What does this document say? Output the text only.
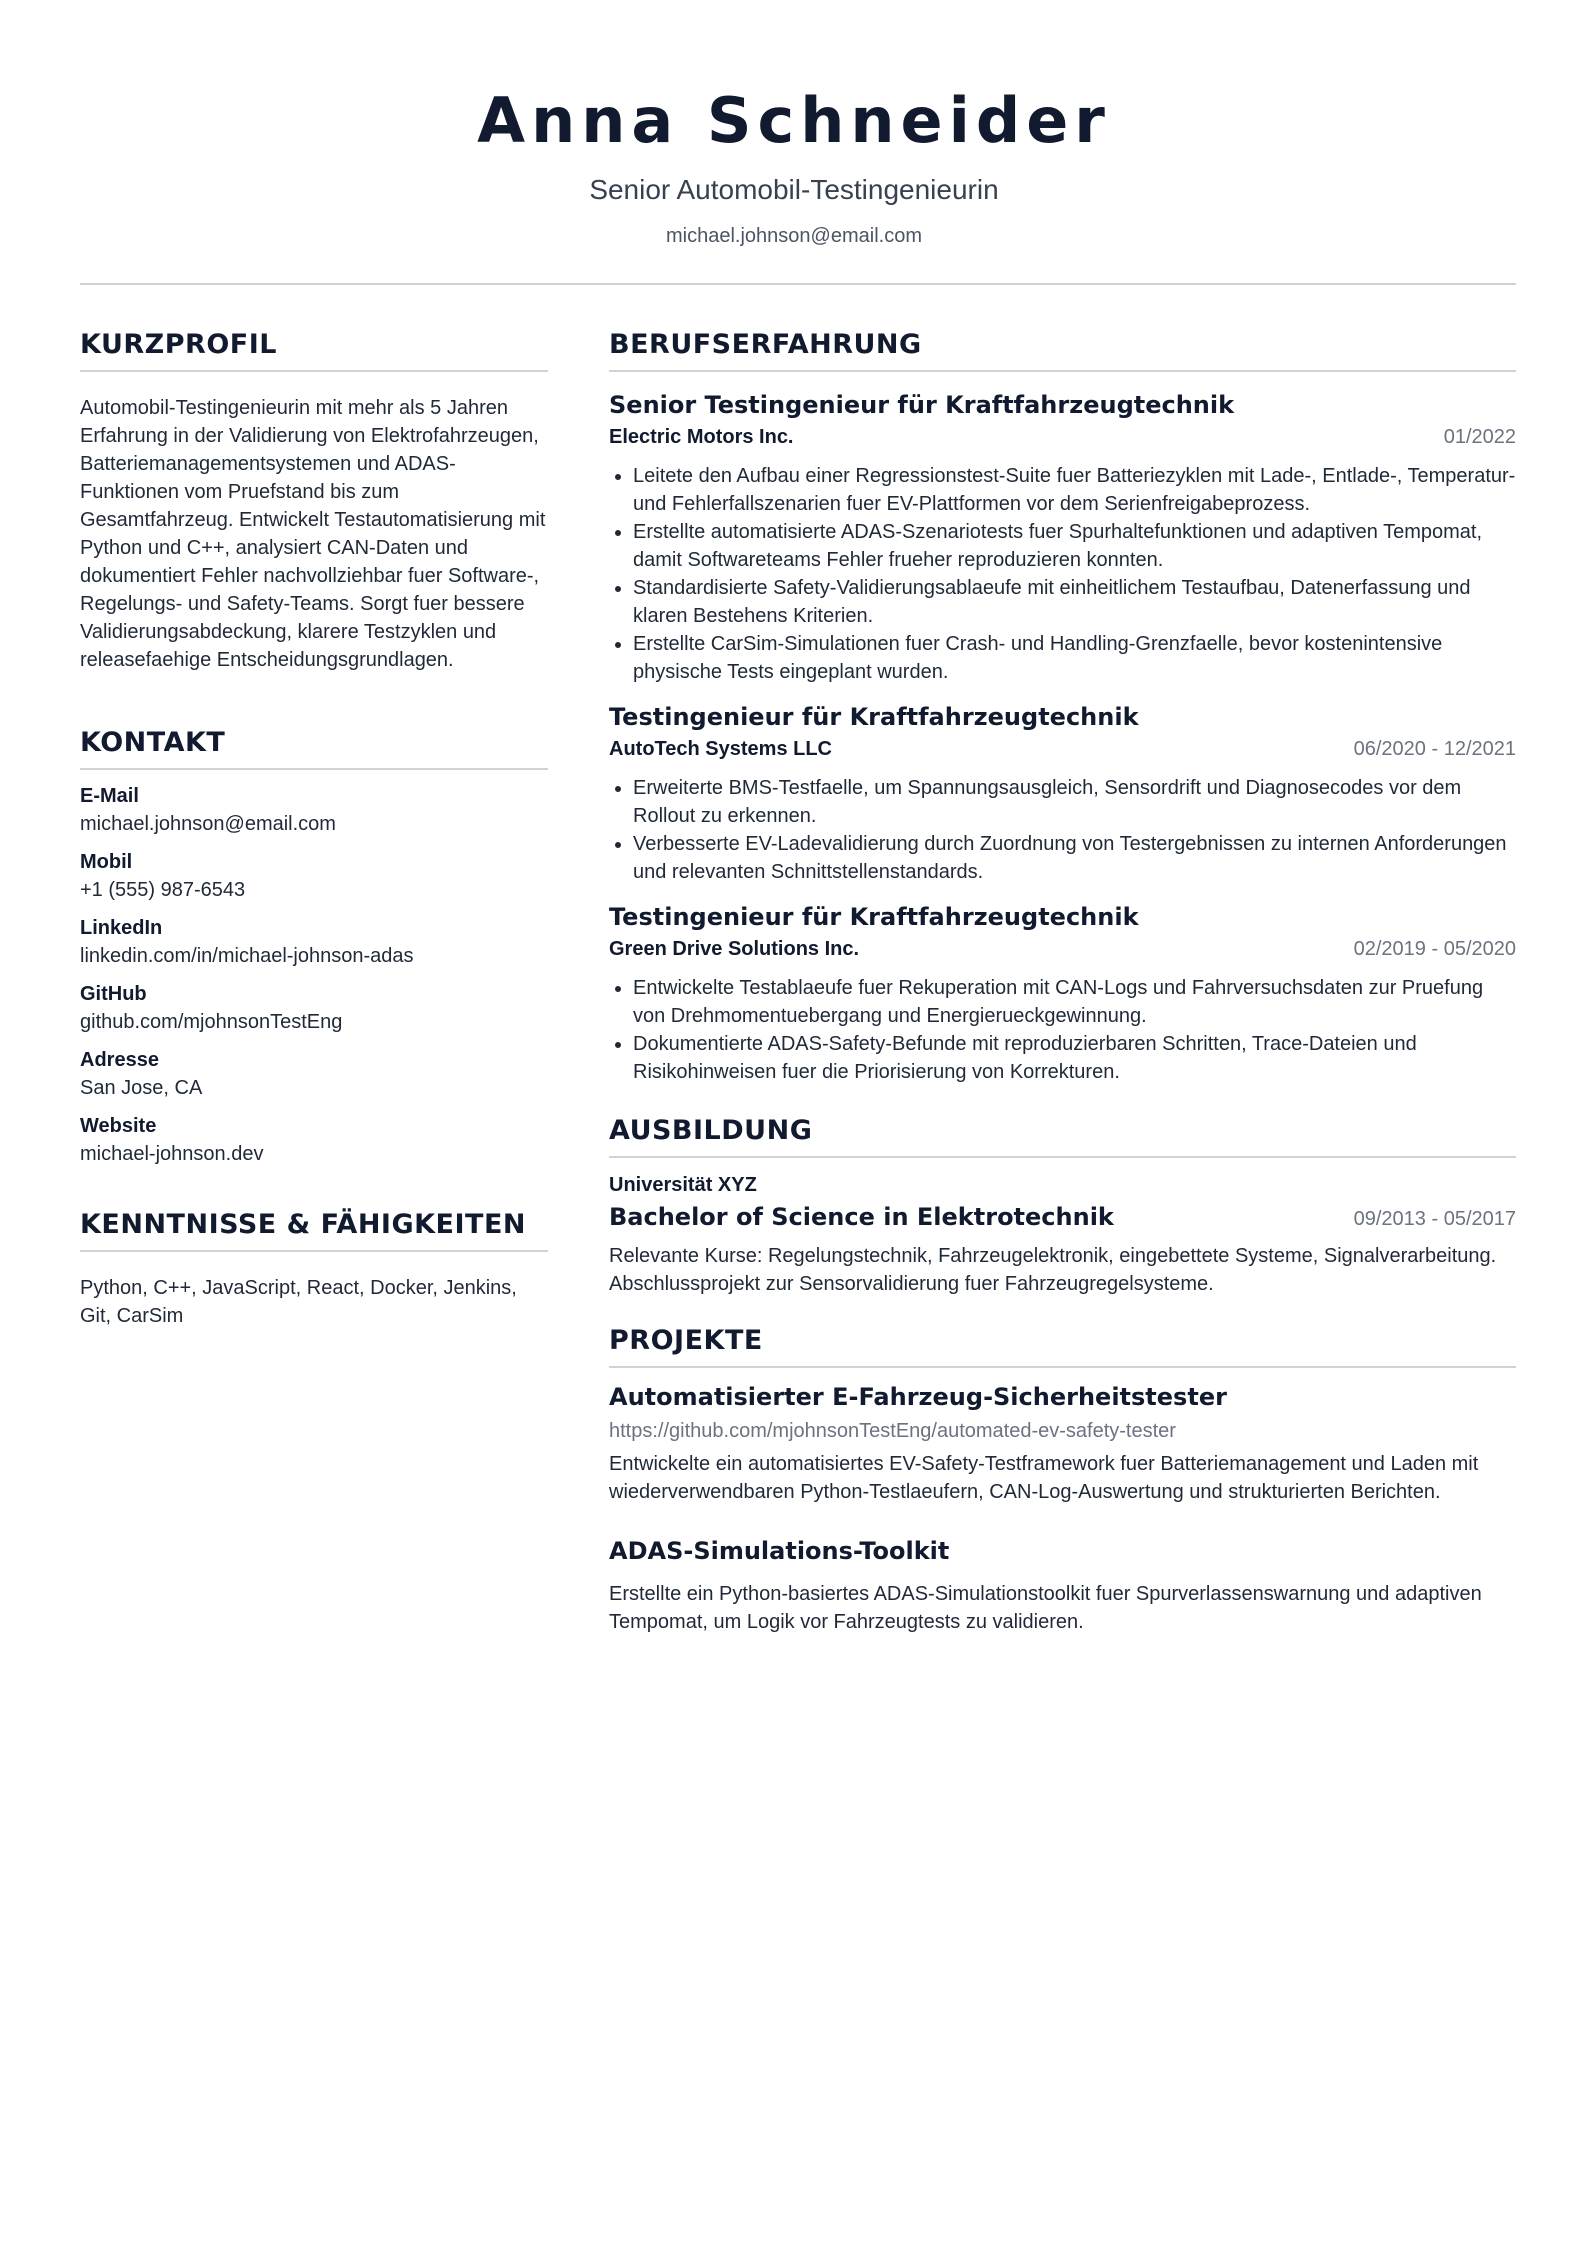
Anna Schneider
Senior Automobil-Testingenieurin
michael.johnson@email.com
KURZPROFIL
Automobil-Testingenieurin mit mehr als 5 Jahren Erfahrung in der Validierung von Elektrofahrzeugen, Batteriemanagementsystemen und ADAS-Funktionen vom Pruefstand bis zum Gesamtfahrzeug. Entwickelt Testautomatisierung mit Python und C++, analysiert CAN-Daten und dokumentiert Fehler nachvollziehbar fuer Software-, Regelungs- und Safety-Teams. Sorgt fuer bessere Validierungsabdeckung, klarere Testzyklen und releasefaehige Entscheidungsgrundlagen.
KONTAKT
E-Mail
michael.johnson@email.com
Mobil
+1 (555) 987-6543
LinkedIn
linkedin.com/in/michael-johnson-adas
GitHub
github.com/mjohnsonTestEng
Adresse
San Jose, CA
Website
michael-johnson.dev
KENNTNISSE & FÄHIGKEITEN
Python, C++, JavaScript, React, Docker, Jenkins, Git, CarSim
BERUFSERFAHRUNG
Senior Testingenieur für Kraftfahrzeugtechnik
Electric Motors Inc.	01/2022
• Leitete den Aufbau einer Regressionstest-Suite fuer Batteriezyklen mit Lade-, Entlade-, Temperatur- und Fehlerfallszenarien fuer EV-Plattformen vor dem Serienfreigabeprozess.
• Erstellte automatisierte ADAS-Szenariotests fuer Spurhaltefunktionen und adaptiven Tempomat, damit Softwareteams Fehler frueher reproduzieren konnten.
• Standardisierte Safety-Validierungsablaeufe mit einheitlichem Testaufbau, Datenerfassung und klaren Bestehens Kriterien.
• Erstellte CarSim-Simulationen fuer Crash- und Handling-Grenzfaelle, bevor kostenintensive physische Tests eingeplant wurden.
Testingenieur für Kraftfahrzeugtechnik
AutoTech Systems LLC	06/2020 - 12/2021
• Erweiterte BMS-Testfaelle, um Spannungsausgleich, Sensordrift und Diagnosecodes vor dem Rollout zu erkennen.
• Verbesserte EV-Ladevalidierung durch Zuordnung von Testergebnissen zu internen Anforderungen und relevanten Schnittstellenstandards.
Testingenieur für Kraftfahrzeugtechnik
Green Drive Solutions Inc.	02/2019 - 05/2020
• Entwickelte Testablaeufe fuer Rekuperation mit CAN-Logs und Fahrversuchsdaten zur Pruefung von Drehmomentuebergang und Energierueckgewinnung.
• Dokumentierte ADAS-Safety-Befunde mit reproduzierbaren Schritten, Trace-Dateien und Risikohinweisen fuer die Priorisierung von Korrekturen.
AUSBILDUNG
Universität XYZ
Bachelor of Science in Elektrotechnik	09/2013 - 05/2017
Relevante Kurse: Regelungstechnik, Fahrzeugelektronik, eingebettete Systeme, Signalverarbeitung. Abschlussprojekt zur Sensorvalidierung fuer Fahrzeugregelsysteme.
PROJEKTE
Automatisierter E-Fahrzeug-Sicherheitstester
https://github.com/mjohnsonTestEng/automated-ev-safety-tester
Entwickelte ein automatisiertes EV-Safety-Testframework fuer Batteriemanagement und Laden mit wiederverwendbaren Python-Testlaeufern, CAN-Log-Auswertung und strukturierten Berichten.
ADAS-Simulations-Toolkit
Erstellte ein Python-basiertes ADAS-Simulationstoolkit fuer Spurverlassenswarnung und adaptiven Tempomat, um Logik vor Fahrzeugtests zu validieren.
